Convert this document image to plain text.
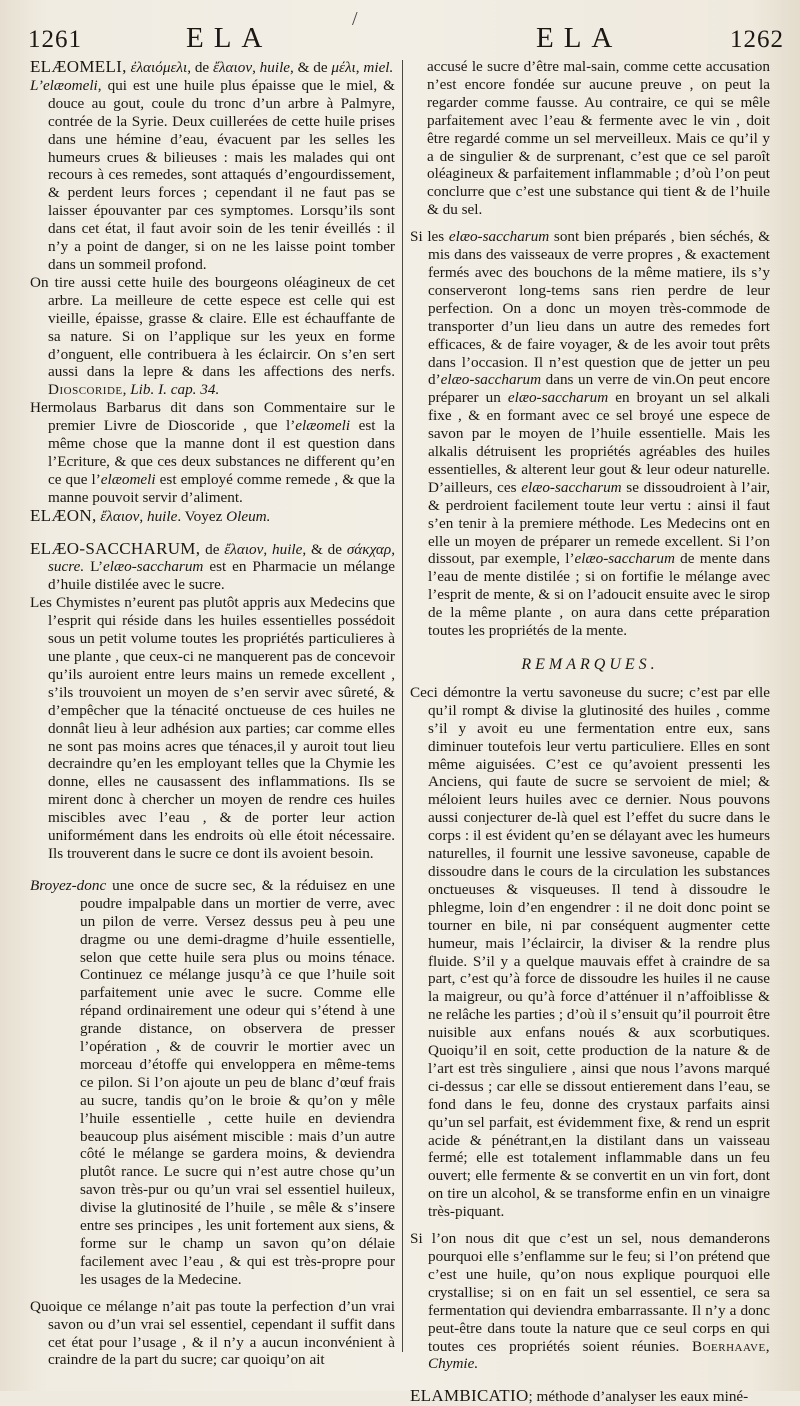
1261	ELA
/
ELA	1262

ELÆOMELI, ἐλαιόμελι, de ἔλαιον, huile, & de μέλι, miel.

L’elæomeli, qui est une huile plus épaisse que le miel, & douce au gout, coule du tronc d’un arbre à Palmyre, contrée de la Syrie. Deux cuillerées de cette huile prises dans une hémine d’eau, évacuent par les selles les humeurs crues & bilieuses : mais les malades qui ont recours à ces remedes, sont attaqués d’engourdissement, & perdent leurs forces ; cependant il ne faut pas se laisser épouvanter par ces symptomes. Lorsqu’ils sont dans cet état, il faut avoir soin de les tenir éveillés : il n’y a point de danger, si on ne les laisse point tomber dans un sommeil profond.

On tire aussi cette huile des bourgeons oléagineux de cet arbre. La meilleure de cette espece est celle qui est vieille, épaisse, grasse & claire. Elle est échauffante de sa nature. Si on l’applique sur les yeux en forme d’onguent, elle contribuera à les éclaircir. On s’en sert aussi dans la lepre & dans les affections des nerfs. Dioscoride, Lib. I. cap. 34.

Hermolaus Barbarus dit dans son Commentaire sur le premier Livre de Dioscoride , que l’elæomeli est la même chose que la manne dont il est question dans l’Ecriture, & que ces deux substances ne different qu’en ce que l’elæomeli est employé comme remede , & que la manne pouvoit servir d’aliment.

ELÆON, ἔλαιον, huile. Voyez Oleum.

ELÆO-SACCHARUM, de ἔλαιον, huile, & de σάκχαρ, sucre. L’elæo-saccharum est en Pharmacie un mélange d’huile distilée avec le sucre.

Les Chymistes n’eurent pas plutôt appris aux Medecins que l’esprit qui réside dans les huiles essentielles possédoit sous un petit volume toutes les propriétés particulieres à une plante , que ceux-ci ne manquerent pas de concevoir qu’ils auroient entre leurs mains un remede excellent , s’ils trouvoient un moyen de s’en servir avec sûreté, & d’empêcher que la ténacité onctueuse de ces huiles ne donnât lieu à leur adhésion aux parties; car comme elles ne sont pas moins acres que ténaces,il y auroit tout lieu decraindre qu’en les employant telles que la Chymie les donne, elles ne causassent des inflammations. Ils se mirent donc à chercher un moyen de rendre ces huiles miscibles avec l’eau , & de porter leur action uniformément dans les endroits où elle étoit nécessaire. Ils trouverent dans le sucre ce dont ils avoient besoin.

Broyez-donc une once de sucre sec, & la réduisez en une poudre impalpable dans un mortier de verre, avec un pilon de verre. Versez dessus peu à peu une dragme ou une demi-dragme d’huile essentielle, selon que cette huile sera plus ou moins ténace. Continuez ce mélange jusqu’à ce que l’huile soit parfaitement unie avec le sucre. Comme elle répand ordinairement une odeur qui s’étend à une grande distance, on observera de presser l’opération , & de couvrir le mortier avec un morceau d’étoffe qui enveloppera en même-tems ce pilon. Si l’on ajoute un peu de blanc d’œuf frais au sucre, tandis qu’on le broie & qu’on y mêle l’huile essentielle , cette huile en deviendra beaucoup plus aisément miscible : mais d’un autre côté le mélange se gardera moins, & deviendra plutôt rance. Le sucre qui n’est autre chose qu’un savon très-pur ou qu’un vrai sel essentiel huileux, divise la glutinosité de l’huile , se mêle & s’insere entre ses principes , les unit fortement aux siens, & forme sur le champ un savon qu’on délaie facilement avec l’eau , & qui est très-propre pour les usages de la Medecine.

Quoique ce mélange n’ait pas toute la perfection d’un vrai savon ou d’un vrai sel essentiel, cependant il suffit dans cet état pour l’usage , & il n’y a aucun inconvénient à craindre de la part du sucre; car quoiqu’on ait

accusé le sucre d’être mal-sain, comme cette accusation n’est encore fondée sur aucune preuve , on peut la regarder comme fausse. Au contraire, ce qui se mêle parfaitement avec l’eau & fermente avec le vin , doit être regardé comme un sel merveilleux. Mais ce qu’il y a de singulier & de surprenant, c’est que ce sel paroît oléagineux & parfaitement inflammable ; d’où l’on peut conclurre que c’est une substance qui tient & de l’huile & du sel.

Si les elæo-saccharum sont bien préparés , bien séchés, & mis dans des vaisseaux de verre propres , & exactement fermés avec des bouchons de la même matiere, ils s’y conserveront long-tems sans rien perdre de leur perfection. On a donc un moyen très-commode de transporter d’un lieu dans un autre des remedes fort efficaces, & de faire voyager, & de les avoir tout prêts dans l’occasion. Il n’est question que de jetter un peu d’elæo-saccharum dans un verre de vin.On peut encore préparer un elæo-saccharum en broyant un sel alkali fixe , & en formant avec ce sel broyé une espece de savon par le moyen de l’huile essentielle. Mais les alkalis détruisent les propriétés agréables des huiles essentielles, & alterent leur gout & leur odeur naturelle. D’ailleurs, ces elæo-saccharum se dissoudroient à l’air, & perdroient facilement toute leur vertu : ainsi il faut s’en tenir à la premiere méthode. Les Medecins ont en elle un moyen de préparer un remede excellent. Si l’on dissout, par exemple, l’elæo-saccharum de mente dans l’eau de mente distilée ; si on fortifie le mélange avec l’esprit de mente, & si on l’adoucit ensuite avec le sirop de la même plante , on aura dans cette préparation toutes les propriétés de la mente.

REMARQUES.

Ceci démontre la vertu savoneuse du sucre; c’est par elle qu’il rompt & divise la glutinosité des huiles , comme s’il y avoit eu une fermentation entre eux, sans diminuer toutefois leur vertu particuliere. Elles en sont même aiguisées. C’est ce qu’avoient pressenti les Anciens, qui faute de sucre se servoient de miel; & méloient leurs huiles avec ce dernier. Nous pouvons aussi conjecturer de-là quel est l’effet du sucre dans le corps : il est évident qu’en se délayant avec les humeurs naturelles, il fournit une lessive savoneuse, capable de dissoudre dans le cours de la circulation les substances onctueuses & visqueuses. Il tend à dissoudre le phlegme, loin d’en engendrer : il ne doit donc point se tourner en bile, ni par conséquent augmenter cette humeur, mais l’éclaircir, la diviser & la rendre plus fluide. S’il y a quelque mauvais effet à craindre de sa part, c’est qu’à force de dissoudre les huiles il ne cause la maigreur, ou qu’à force d’atténuer il n’affoiblisse & ne relâche les parties ; d’où il s’ensuit qu’il pourroit être nuisible aux enfans noués & aux scorbutiques. Quoiqu’il en soit, cette production de la nature & de l’art est très singuliere , ainsi que nous l’avons marqué ci-dessus ; car elle se dissout entierement dans l’eau, se fond dans le feu, donne des crystaux parfaits ainsi qu’un sel parfait, est évidemment fixe, & rend un esprit acide & pénétrant,en la distilant dans un vaisseau fermé; elle est totalement inflammable dans un feu ouvert; elle fermente & se convertit en un vin fort, dont on tire un alcohol, & se transforme enfin en un vinaigre très-piquant.

Si l’on nous dit que c’est un sel, nous demanderons pourquoi elle s’enflamme sur le feu; si l’on prétend que c’est une huile, qu’on nous explique pourquoi elle crystallise; si on en fait un sel essentiel, ce sera sa fermentation qui deviendra embarrassante. Il n’y a donc peut-être dans toute la nature que ce seul corps en qui toutes ces propriétés soient réunies. Boerhaave, Chymie.

ELAMBICATIO; méthode d’analyser les eaux miné-
